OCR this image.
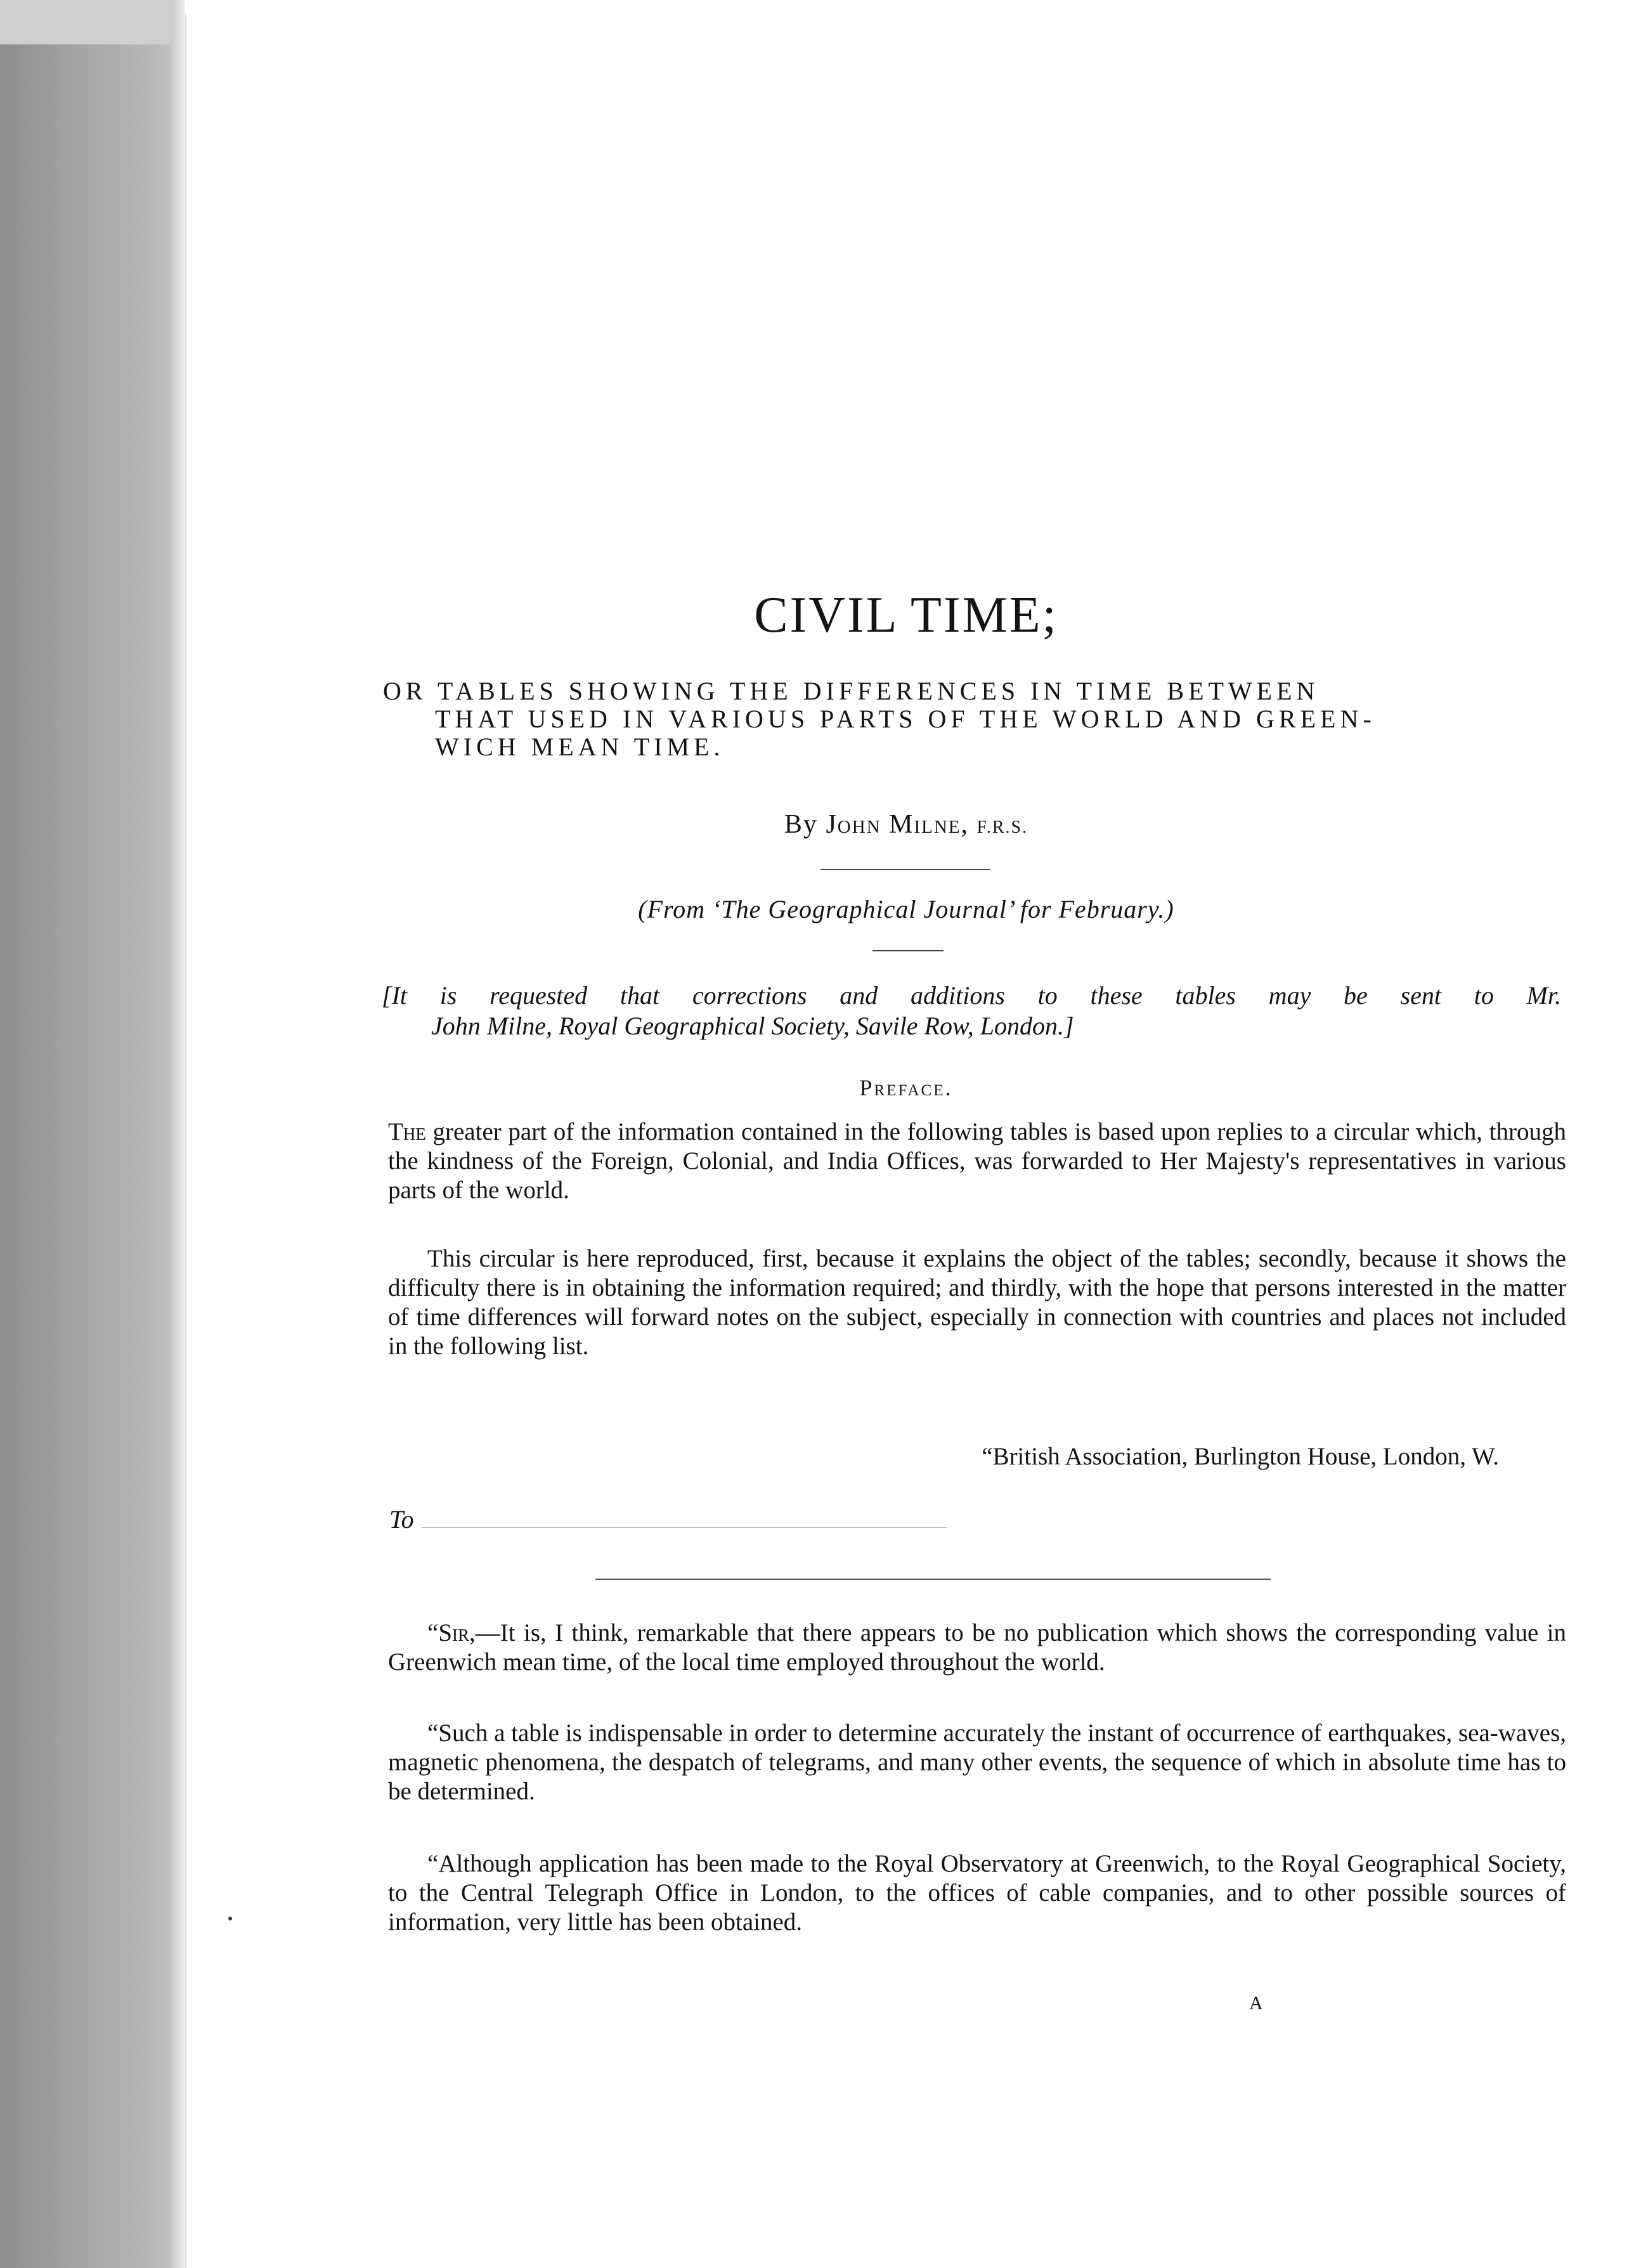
CIVIL TIME;
OR TABLES SHOWING THE DIFFERENCES IN TIME BETWEEN
THAT USED IN VARIOUS PARTS OF THE WORLD AND GREEN-
WICH MEAN TIME.
By John Milne, F.R.S.
(From ‘The Geographical Journal’ for February.)
[It is requested that corrections and additions to these tables may be sent to Mr.
John Milne, Royal Geographical Society, Savile Row, London.]
Preface.
The greater part of the information contained in the following tables is based upon replies to a circular which, through the kindness of the Foreign, Colonial, and India Offices, was forwarded to Her Majesty's representatives in various parts of the world.
This circular is here reproduced, first, because it explains the object of the tables; secondly, because it shows the difficulty there is in obtaining the information required; and thirdly, with the hope that persons interested in the matter of time differences will forward notes on the subject, especially in connection with countries and places not included in the following list.
“British Association, Burlington House, London, W.
To
“Sir,—It is, I think, remarkable that there appears to be no publication which shows the corresponding value in Greenwich mean time, of the local time employed throughout the world.
“Such a table is indispensable in order to determine accurately the instant of occurrence of earthquakes, sea-waves, magnetic phenomena, the despatch of telegrams, and many other events, the sequence of which in absolute time has to be determined.
“Although application has been made to the Royal Observatory at Greenwich, to the Royal Geographical Society, to the Central Telegraph Office in London, to the offices of cable companies, and to other possible sources of information, very little has been obtained.
A
